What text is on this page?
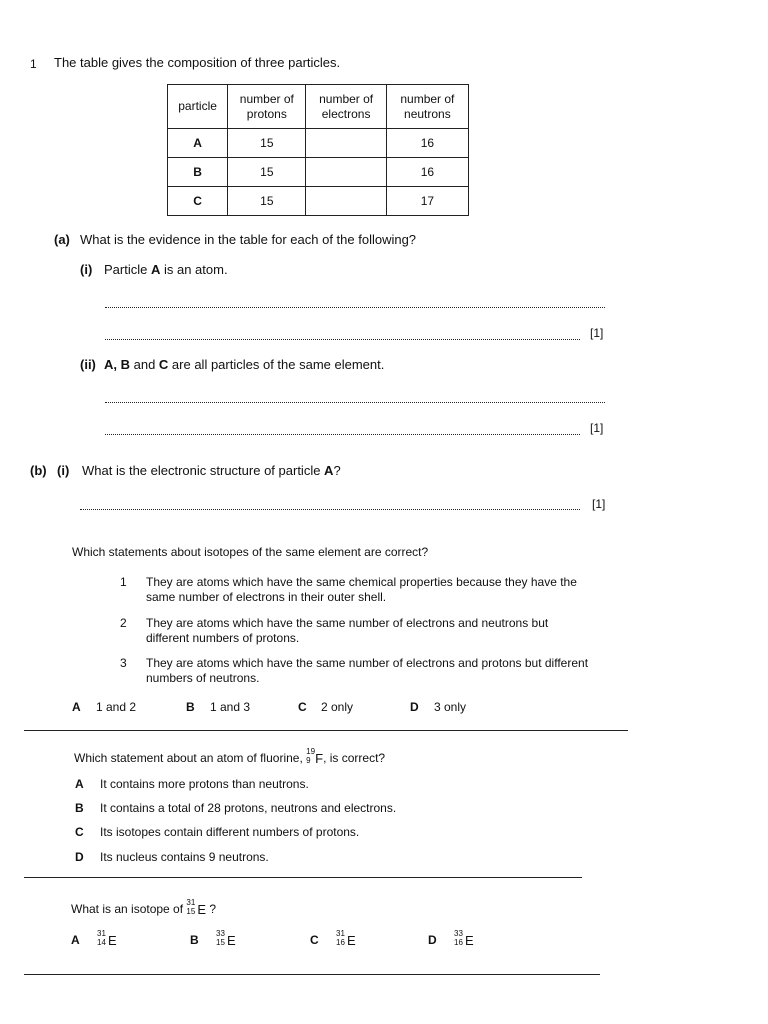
1 The table gives the composition of three particles.
particle	number of protons	number of electrons	number of neutrons
A	15		16
B	15		16
C	15		17
(a) What is the evidence in the table for each of the following?
(i) Particle A is an atom.
[1]
(ii) A, B and C are all particles of the same element.
[1]
(b) (i) What is the electronic structure of particle A?
[1]
Which statements about isotopes of the same element are correct?
1 They are atoms which have the same chemical properties because they have the
same number of electrons in their outer shell.
2 They are atoms which have the same number of electrons and neutrons but
different numbers of protons.
3 They are atoms which have the same number of electrons and protons but different
numbers of neutrons.
A 1 and 2	B 1 and 3	C 2 only	D 3 only
Which statement about an atom of fluorine, 19
9 F, is correct?
A It contains more protons than neutrons.
B It contains a total of 28 protons, neutrons and electrons.
C Its isotopes contain different numbers of protons.
D Its nucleus contains 9 neutrons.
What is an isotope of 31
15 E ?
A 31
14 E	B 33
15 E	C 31
16 E	D 33
16 E
